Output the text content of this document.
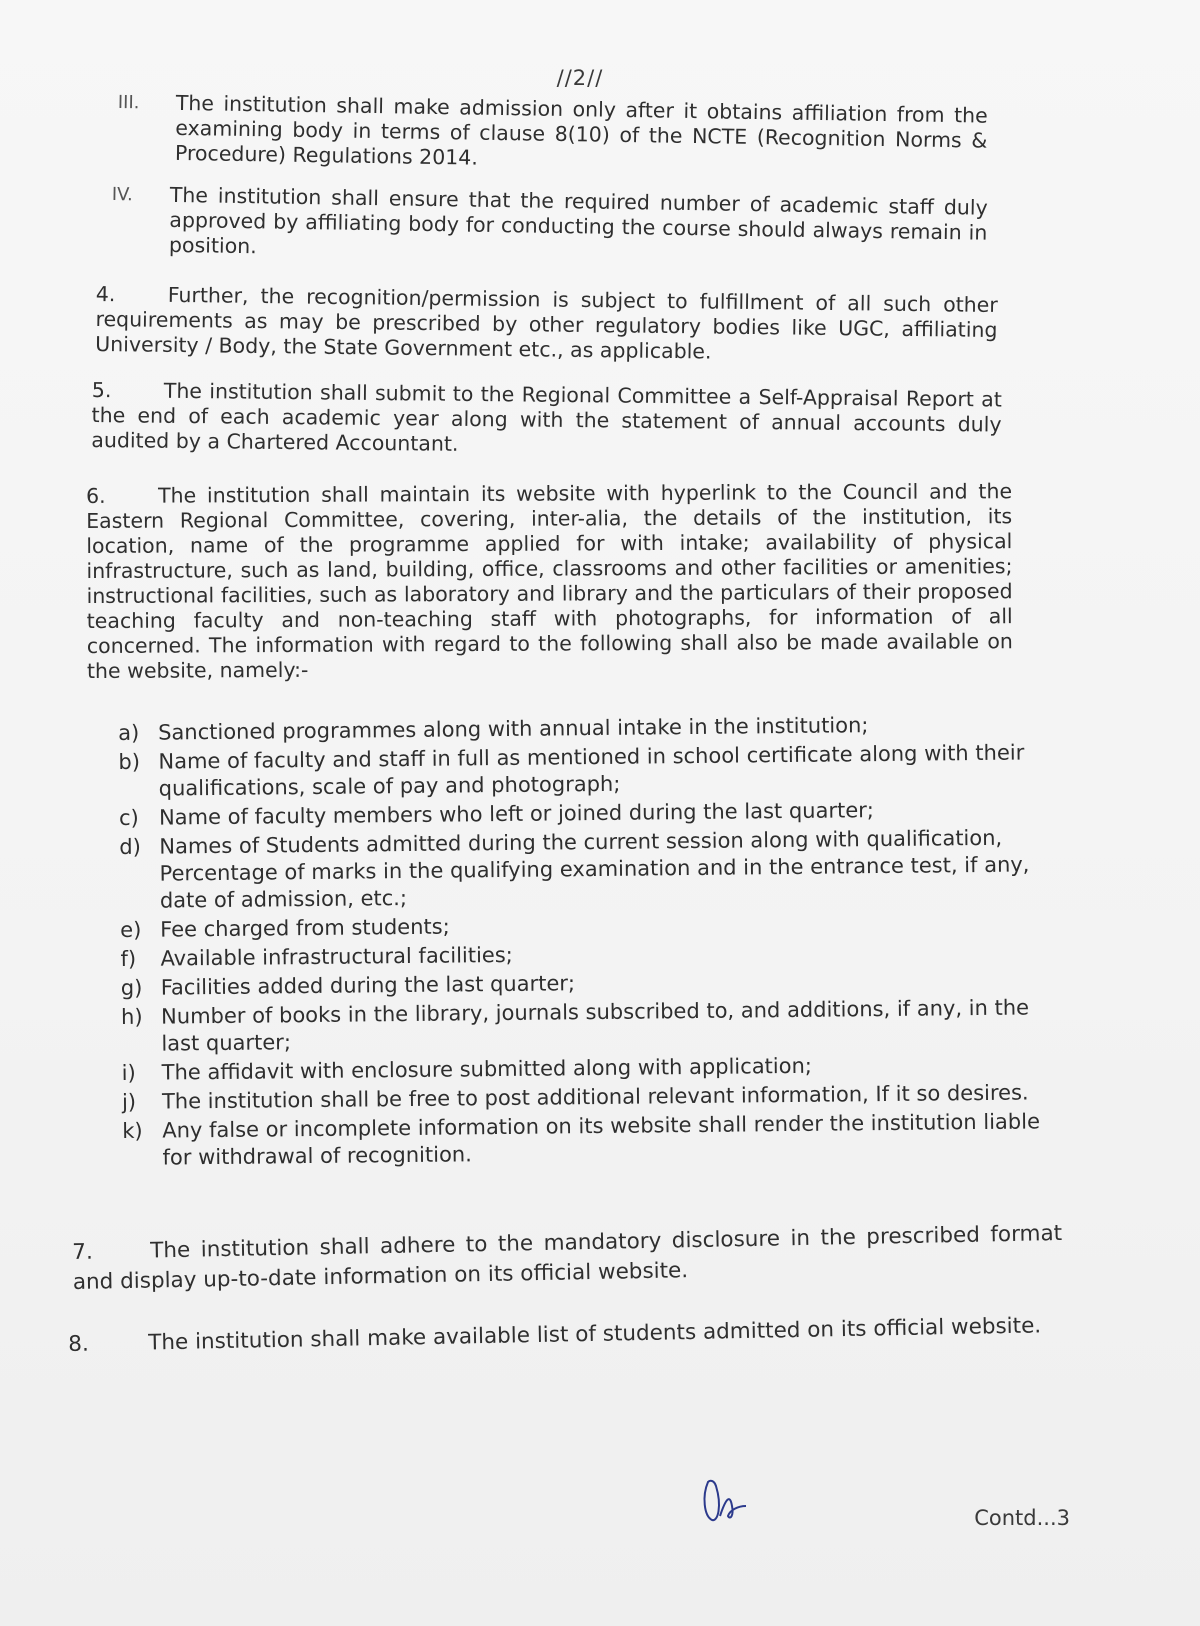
//2//
III.	The institution shall make admission only after it obtains affiliation from the examining body in terms of clause 8(10) of the NCTE (Recognition Norms & Procedure) Regulations 2014.
IV.	The institution shall ensure that the required number of academic staff duly approved by affiliating body for conducting the course should always remain in position.
4.	Further, the recognition/permission is subject to fulfillment of all such other requirements as may be prescribed by other regulatory bodies like UGC, affiliating University / Body, the State Government etc., as applicable.
5.	The institution shall submit to the Regional Committee a Self-Appraisal Report at the end of each academic year along with the statement of annual accounts duly audited by a Chartered Accountant.
6.	The institution shall maintain its website with hyperlink to the Council and the Eastern Regional Committee, covering, inter-alia, the details of the institution, its location, name of the programme applied for with intake; availability of physical infrastructure, such as land, building, office, classrooms and other facilities or amenities; instructional facilities, such as laboratory and library and the particulars of their proposed teaching faculty and non-teaching staff with photographs, for information of all concerned. The information with regard to the following shall also be made available on the website, namely:-
a) Sanctioned programmes along with annual intake in the institution;
b) Name of faculty and staff in full as mentioned in school certificate along with their qualifications, scale of pay and photograph;
c) Name of faculty members who left or joined during the last quarter;
d) Names of Students admitted during the current session along with qualification, Percentage of marks in the qualifying examination and in the entrance test, if any, date of admission, etc.;
e) Fee charged from students;
f) Available infrastructural facilities;
g) Facilities added during the last quarter;
h) Number of books in the library, journals subscribed to, and additions, if any, in the last quarter;
i) The affidavit with enclosure submitted along with application;
j) The institution shall be free to post additional relevant information, If it so desires.
k) Any false or incomplete information on its website shall render the institution liable for withdrawal of recognition.
7.	The institution shall adhere to the mandatory disclosure in the prescribed format and display up-to-date information on its official website.
8.	The institution shall make available list of students admitted on its official website.
Contd...3
